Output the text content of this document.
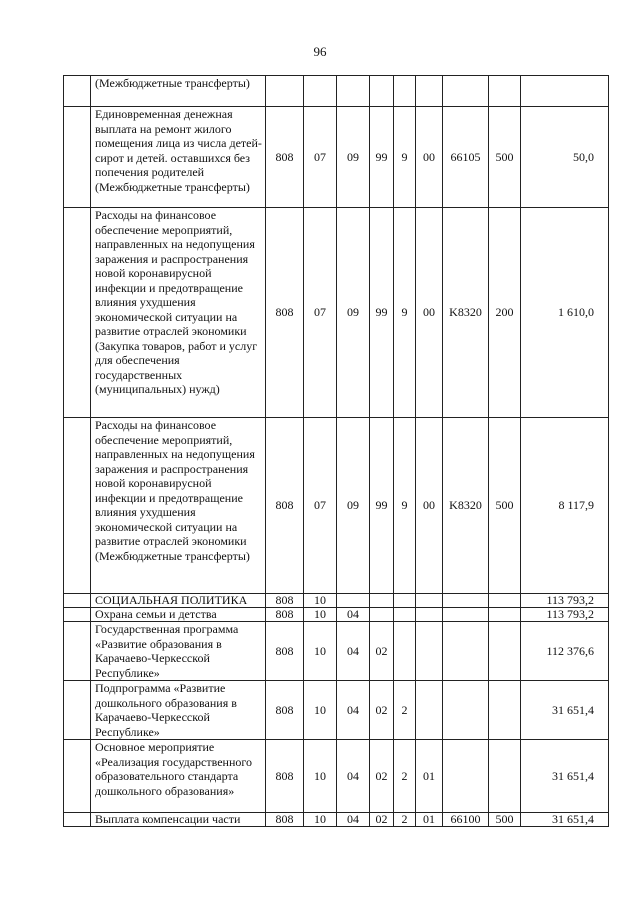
96
	(Межбюджетные трансферты)									
	Единовременная денежная выплата на ремонт жилого помещения лица из числа детей-сирот и детей. оставшихся без попечения родителей (Межбюджетные трансферты)	808	07	09	99	9	00	66105	500	50,0
	Расходы на финансовое обеспечение мероприятий, направленных на недопущения заражения и распространения новой коронавирусной инфекции и предотвращение влияния ухудшения экономической ситуации на развитие отраслей экономики (Закупка товаров, работ и услуг для обеспечения государственных (муниципальных) нужд)	808	07	09	99	9	00	K8320	200	1 610,0
	Расходы на финансовое обеспечение мероприятий, направленных на недопущения заражения и распространения новой коронавирусной инфекции и предотвращение влияния ухудшения экономической ситуации на развитие отраслей экономики (Межбюджетные трансферты)	808	07	09	99	9	00	K8320	500	8 117,9
	СОЦИАЛЬНАЯ ПОЛИТИКА	808	10							113 793,2
	Охрана семьи и детства	808	10	04						113 793,2
	Государственная программа «Развитие образования в Карачаево-Черкесской Республике»	808	10	04	02					112 376,6
	Подпрограмма «Развитие дошкольного образования в Карачаево-Черкесской Республике»	808	10	04	02	2				31 651,4
	Основное мероприятие «Реализация государственного образовательного стандарта дошкольного образования»	808	10	04	02	2	01			31 651,4
	Выплата компенсации части	808	10	04	02	2	01	66100	500	31 651,4
